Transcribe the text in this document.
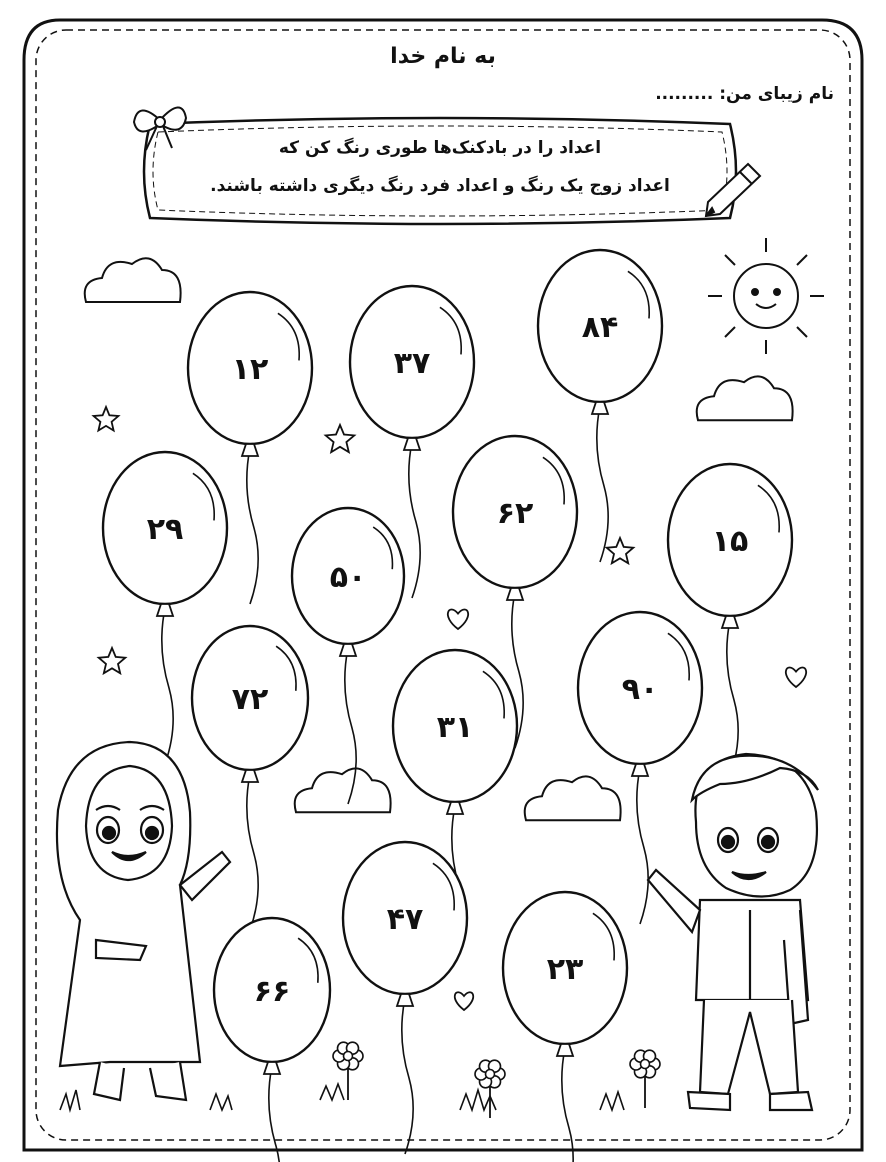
۱۲	۳۷
۸۴
۲۹
۵۰
۶۲
۱۵
۷۲
۳۱
۹۰
۶۶
۴۷
۲۳
به نام خدا
نام زیبای من: .........
اعداد را در بادکنک‌ها طوری رنگ کن که
اعداد زوج یک رنگ و اعداد فرد رنگ دیگری داشته باشند.
